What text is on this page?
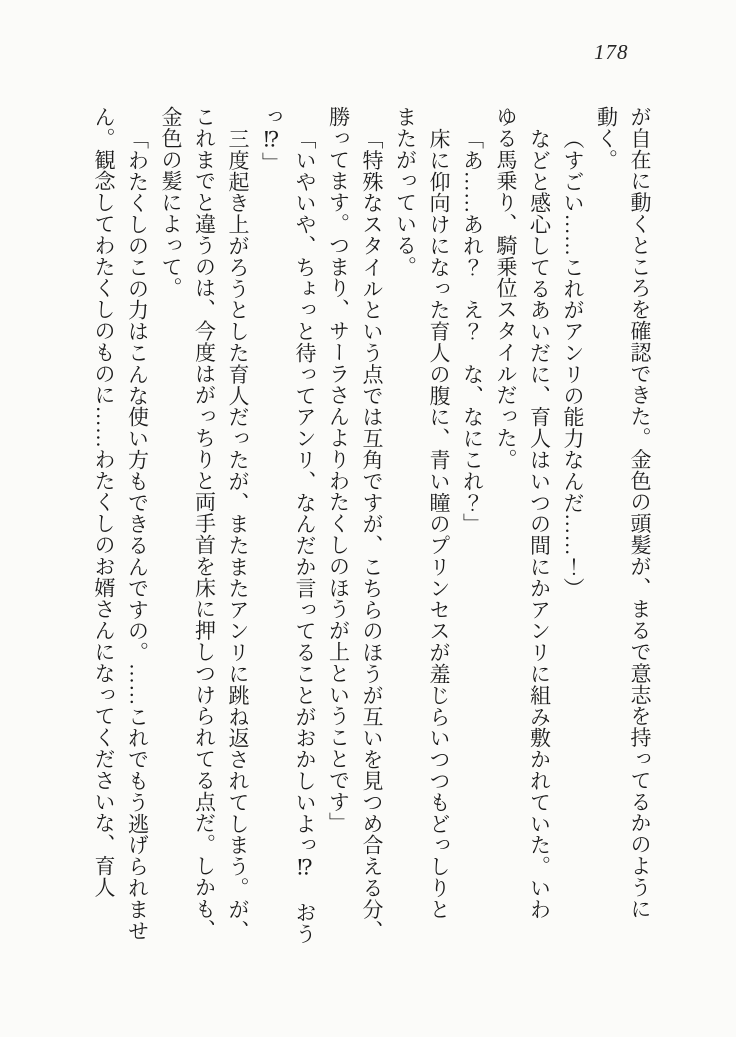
178
が自在に動くところを確認できた。金色の頭髪が、まるで意志を持ってるかのように
動く。
（すごい……これがアンリの能力なんだ……！）
などと感心してるあいだに、育人はいつの間にかアンリに組み敷かれていた。いわ
ゆる馬乗り、騎乗位スタイルだった。
「あ……あれ？　え？　な、なにこれ？」
床に仰向けになった育人の腹に、青い瞳のプリンセスが羞じらいつつもどっしりと
またがっている。
「特殊なスタイルという点では互角ですが、こちらのほうが互いを見つめ合える分、
勝ってます。つまり、サーラさんよりわたくしのほうが上ということです」
「いやいや、ちょっと待ってアンリ、なんだか言ってることがおかしいよっ⁉　おう
っ⁉」
三度起き上がろうとした育人だったが、またまたアンリに跳ね返されてしまう。が、
これまでと違うのは、今度はがっちりと両手首を床に押しつけられてる点だ。しかも、
金色の髪によって。
「わたくしのこの力はこんな使い方もできるんですの。……これでもう逃げられませ
ん。観念してわたくしのものに……わたくしのお婿さんになってくださいな、育人
